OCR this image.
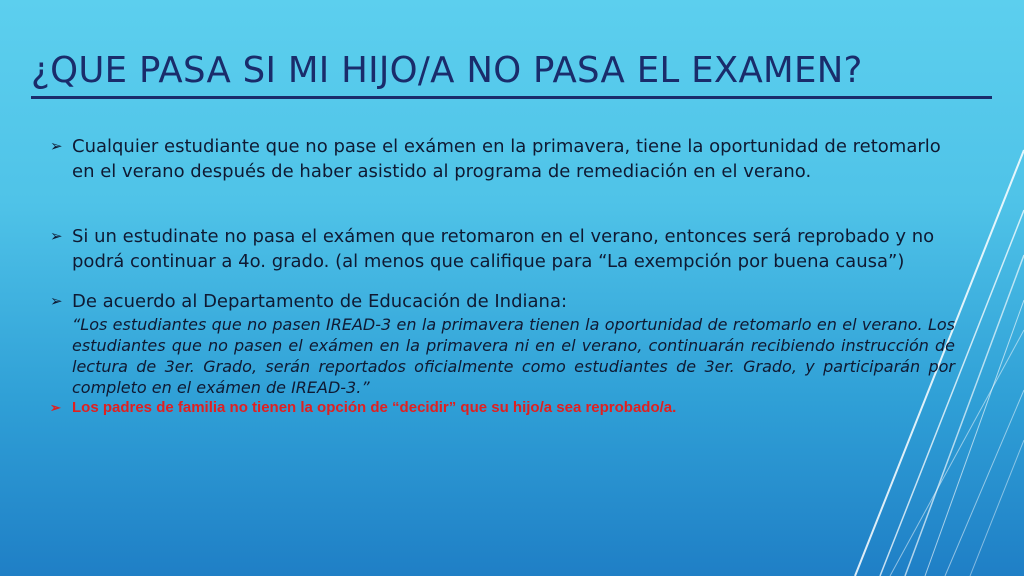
¿QUE PASA SI MI HIJO/A NO PASA EL EXAMEN?
➢ Cualquier estudiante que no pase el exámen en la primavera, tiene la oportunidad de retomarlo en el verano después de haber asistido al programa de remediación en el verano.
➢ Si un estudinate no pasa el exámen que retomaron en el verano, entonces será reprobado y no podrá continuar a 4o. grado. (al menos que califique para “La exempción por buena causa”)
➢ De acuerdo al Departamento de Educación de Indiana:
“Los estudiantes que no pasen IREAD-3 en la primavera tienen la oportunidad de retomarlo en el verano. Los estudiantes que no pasen el exámen en la primavera ni en el verano, continuarán recibiendo instrucción de lectura de 3er. Grado, serán reportados oficialmente como estudiantes de 3er. Grado, y participarán por completo en el exámen de IREAD-3.”
➢ Los padres de familia no tienen la opción de “decidir” que su hijo/a sea reprobado/a.
